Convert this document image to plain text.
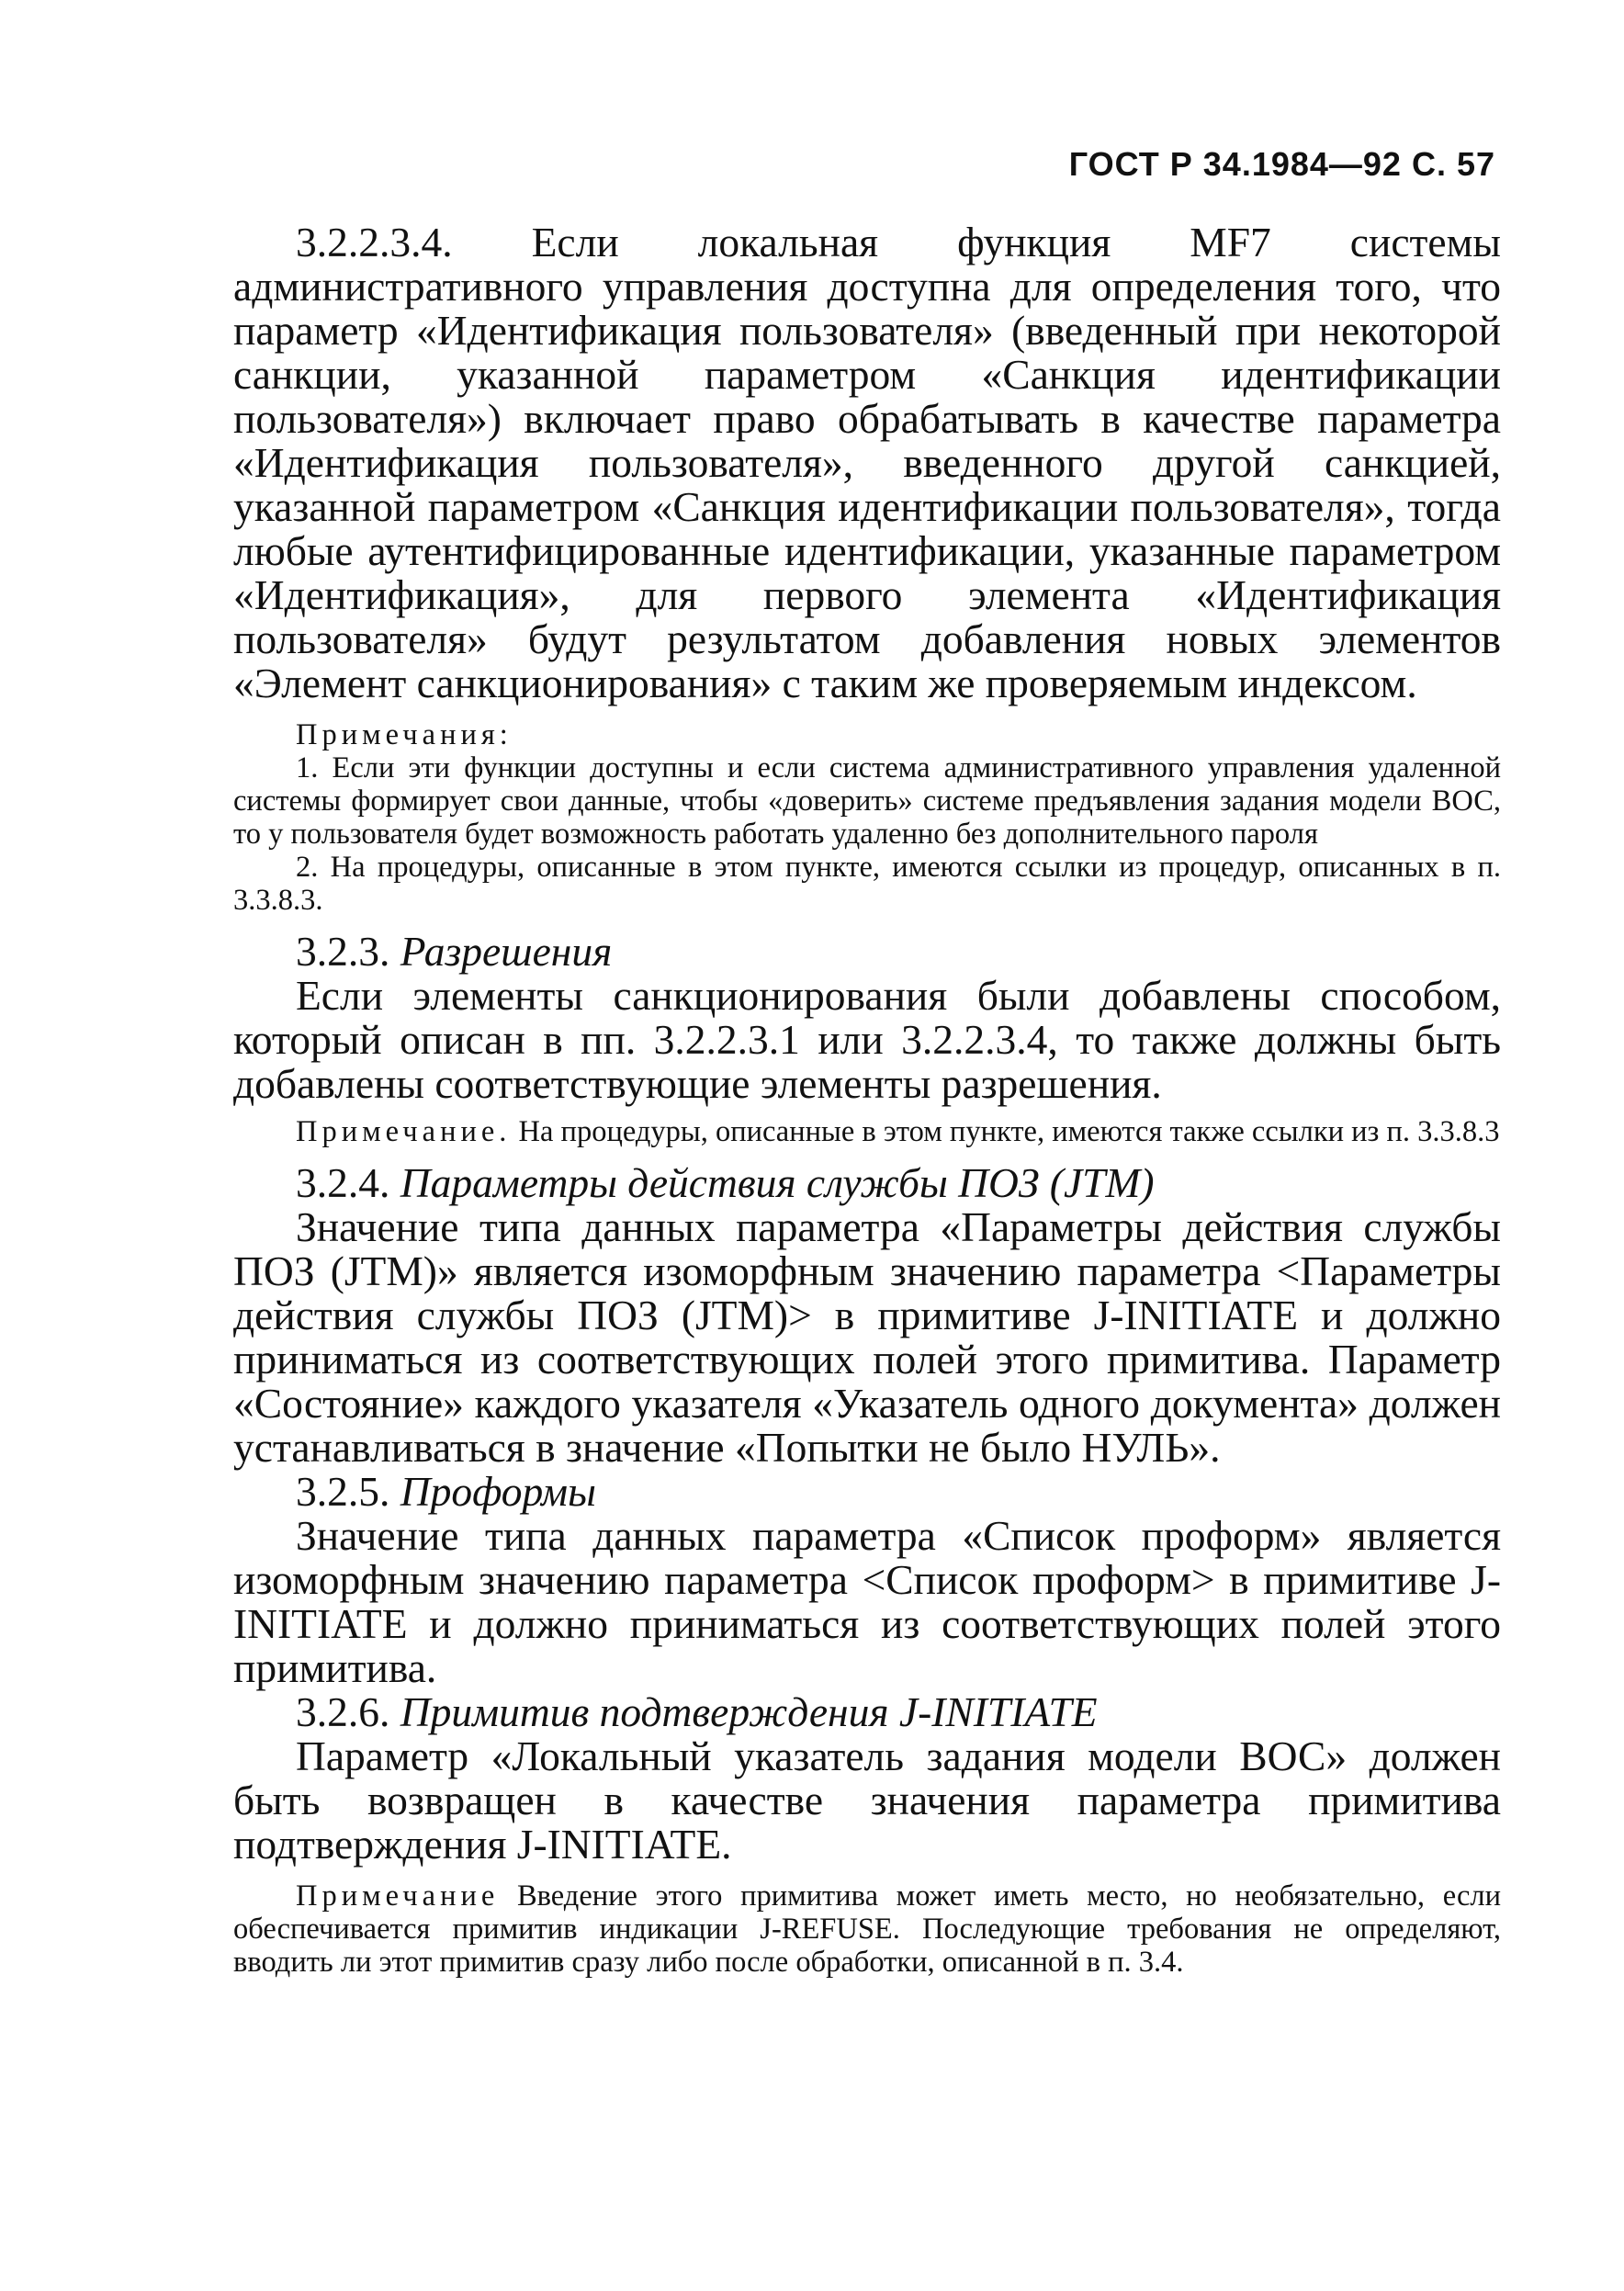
ГОСТ Р 34.1984—92 С. 57

3.2.2.3.4. Если локальная функция MF7 системы административного управления доступна для определения того, что параметр «Идентификация пользователя» (введенный при некоторой санкции, указанной параметром «Санкция идентификации пользователя») включает право обрабатывать в качестве параметра «Идентификация пользователя», введенного другой санкцией, указанной параметром «Санкция идентификации пользователя», тогда любые аутентифицированные идентификации, указанные параметром «Идентификация», для первого элемента «Идентификация пользователя» будут результатом добавления новых элементов «Элемент санкционирования» с таким же проверяемым индексом.

Примечания:

1. Если эти функции доступны и если система административного управления удаленной системы формирует свои данные, чтобы «доверить» системе предъявления задания модели ВОС, то у пользователя будет возможность работать удаленно без дополнительного пароля

2. На процедуры, описанные в этом пункте, имеются ссылки из процедур, описанных в п. 3.3.8.3.

3.2.3. Разрешения

Если элементы санкционирования были добавлены способом, который описан в пп. 3.2.2.3.1 или 3.2.2.3.4, то также должны быть добавлены соответствующие элементы разрешения.

Примечание. На процедуры, описанные в этом пункте, имеются также ссылки из п. 3.3.8.3

3.2.4. Параметры действия службы ПОЗ (JTM)

Значение типа данных параметра «Параметры действия службы ПОЗ (JTM)» является изоморфным значению параметра <Параметры действия службы ПОЗ (JTM)> в примитиве J-INITIATE и должно приниматься из соответствующих полей этого примитива. Параметр «Состояние» каждого указателя «Указатель одного документа» должен устанавливаться в значение «Попытки не было НУЛЬ».

3.2.5. Проформы

Значение типа данных параметра «Список проформ» является изоморфным значению параметра <Список проформ> в примитиве J-INITIATE и должно приниматься из соответствующих полей этого примитива.

3.2.6. Примитив подтверждения J-INITIATE

Параметр «Локальный указатель задания модели ВОС» должен быть возвращен в качестве значения параметра примитива подтверждения J-INITIATE.

Примечание Введение этого примитива может иметь место, но необязательно, если обеспечивается примитив индикации J-REFUSE. Последующие требования не определяют, вводить ли этот примитив сразу либо после обработки, описанной в п. 3.4.
